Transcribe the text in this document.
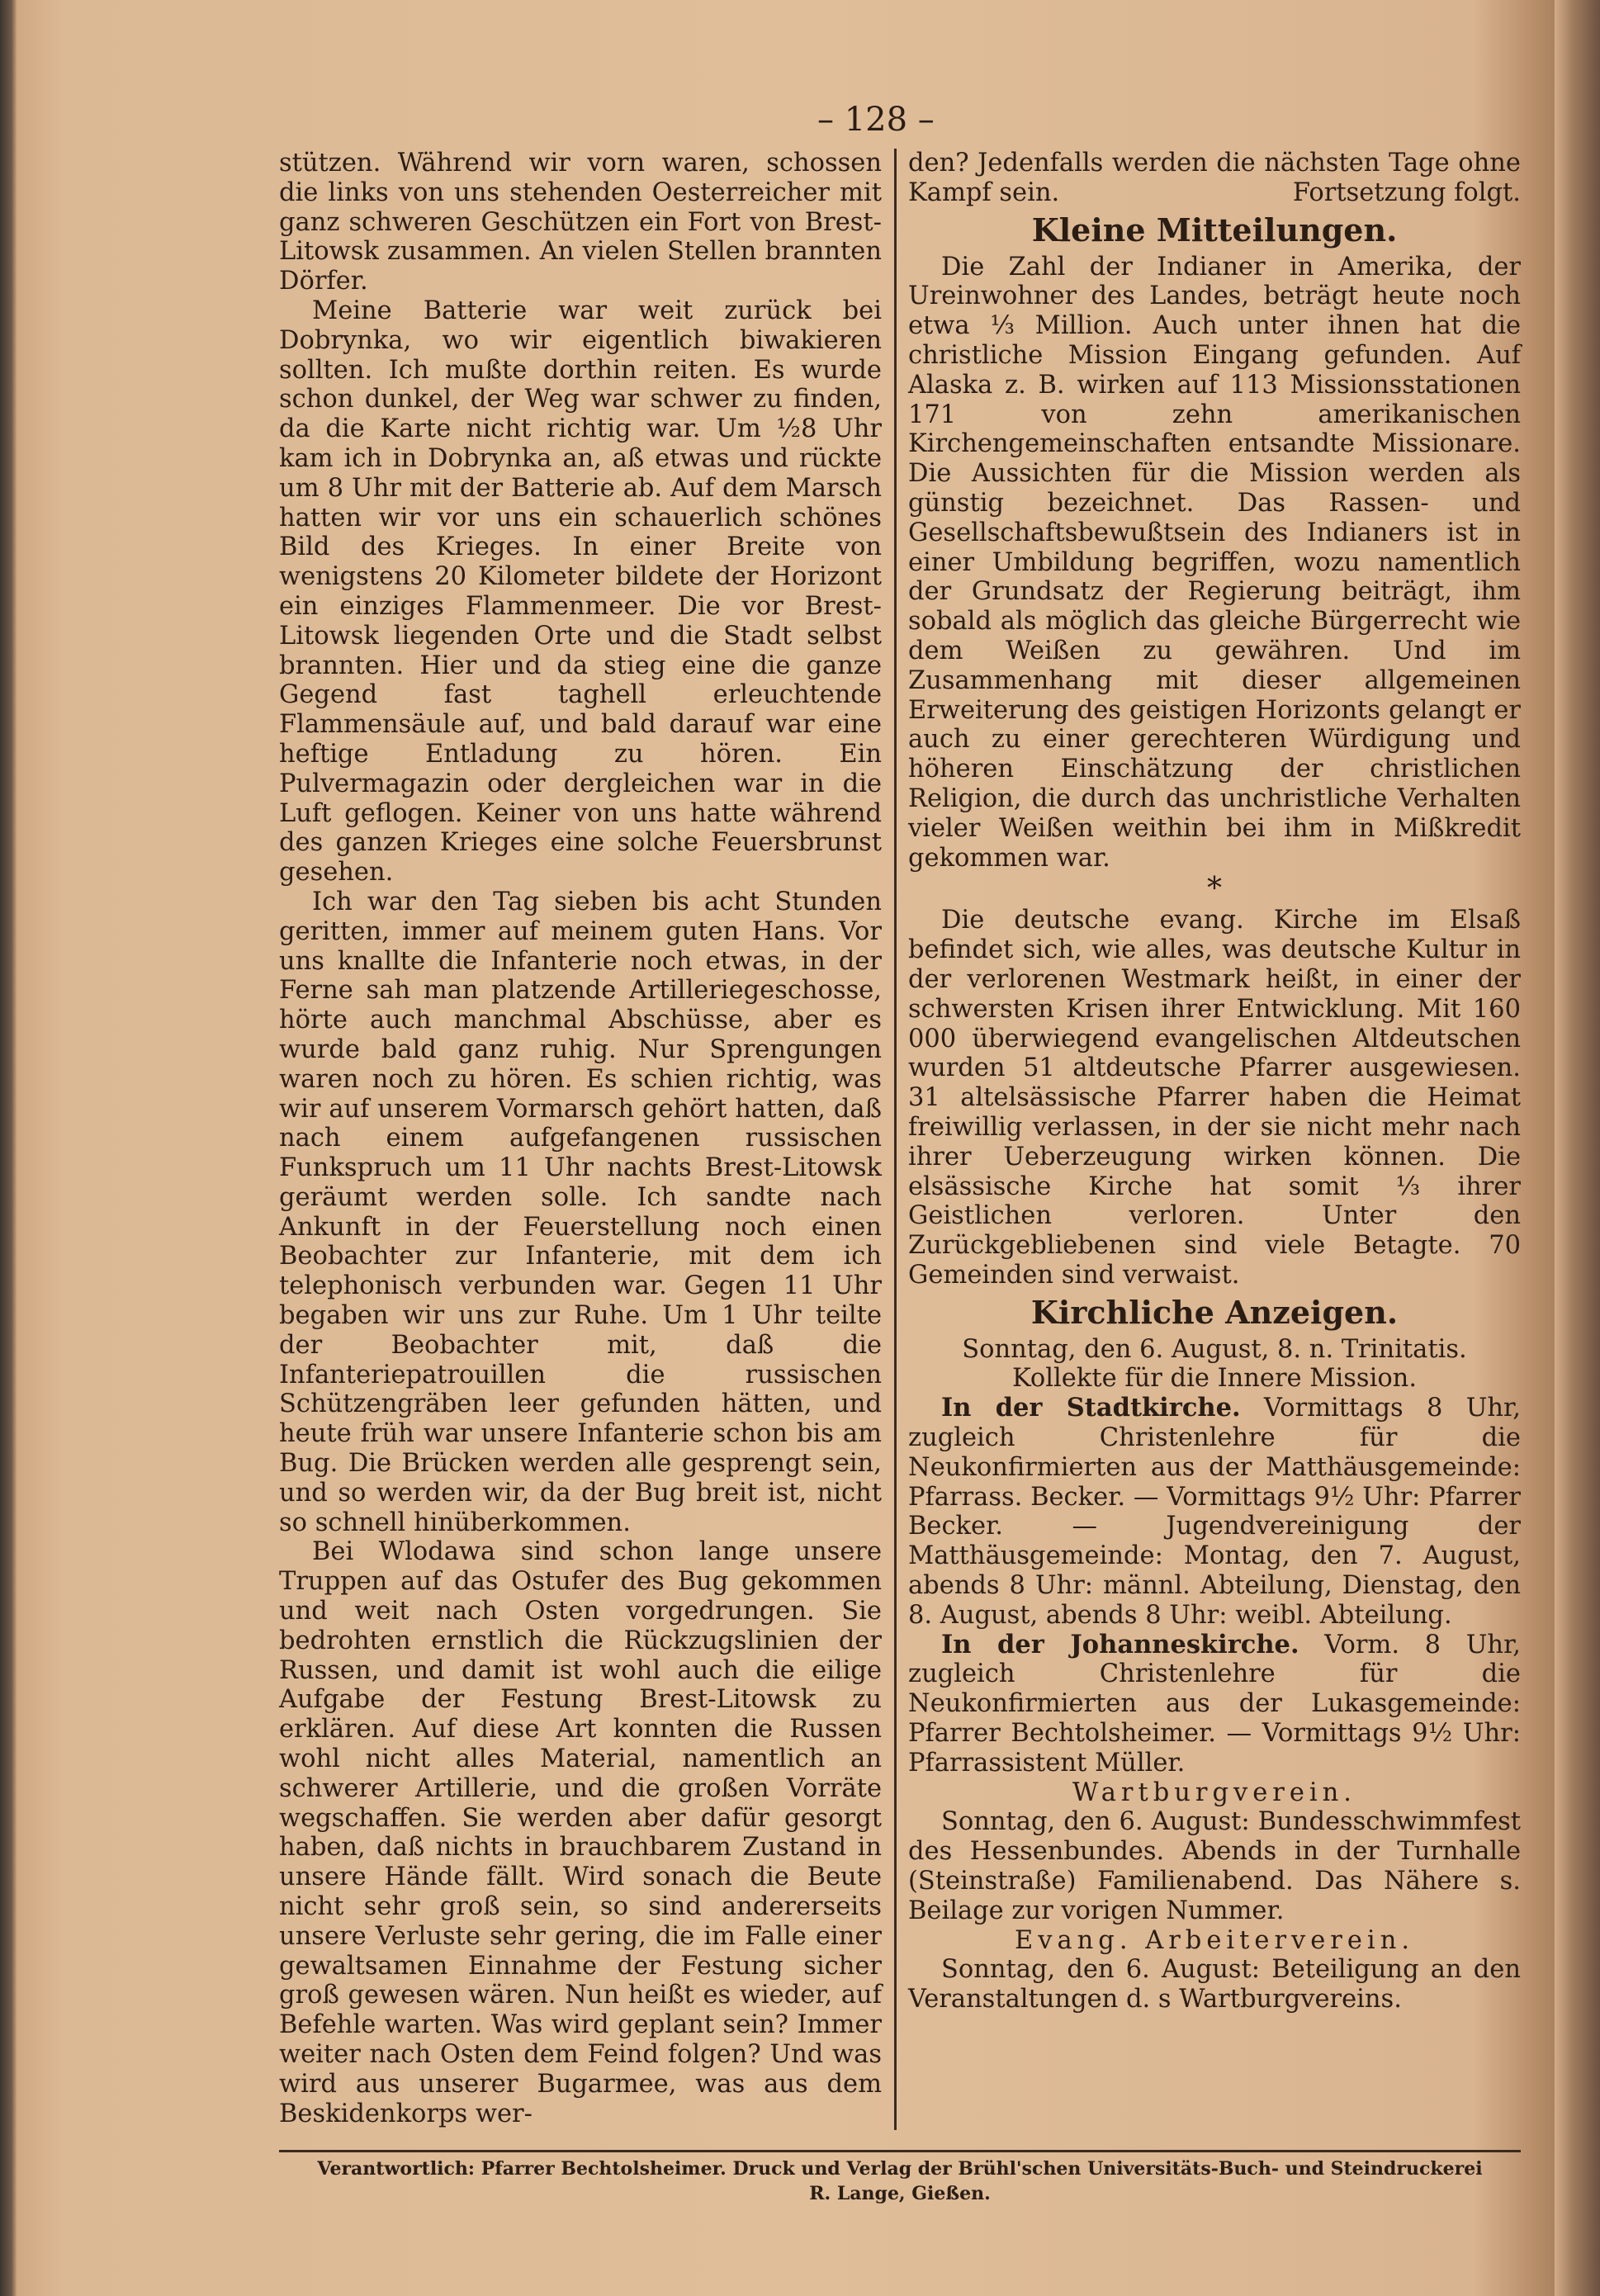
– 128 –

stützen. Während wir vorn waren, schossen die links von uns stehenden Oesterreicher mit ganz schweren Geschützen ein Fort von Brest-Litowsk zusammen. An vielen Stellen brannten Dörfer.

Meine Batterie war weit zurück bei Dobrynka, wo wir eigentlich biwakieren sollten. Ich mußte dorthin reiten. Es wurde schon dunkel, der Weg war schwer zu finden, da die Karte nicht richtig war. Um ½8 Uhr kam ich in Dobrynka an, aß etwas und rückte um 8 Uhr mit der Batterie ab. Auf dem Marsch hatten wir vor uns ein schauerlich schönes Bild des Krieges. In einer Breite von wenigstens 20 Kilometer bildete der Horizont ein einziges Flammenmeer. Die vor Brest-Litowsk liegenden Orte und die Stadt selbst brannten. Hier und da stieg eine die ganze Gegend fast taghell erleuchtende Flammensäule auf, und bald darauf war eine heftige Entladung zu hören. Ein Pulvermagazin oder dergleichen war in die Luft geflogen. Keiner von uns hatte während des ganzen Krieges eine solche Feuersbrunst gesehen.

Ich war den Tag sieben bis acht Stunden geritten, immer auf meinem guten Hans. Vor uns knallte die Infanterie noch etwas, in der Ferne sah man platzende Artilleriegeschosse, hörte auch manchmal Abschüsse, aber es wurde bald ganz ruhig. Nur Sprengungen waren noch zu hören. Es schien richtig, was wir auf unserem Vormarsch gehört hatten, daß nach einem aufgefangenen russischen Funkspruch um 11 Uhr nachts Brest-Litowsk geräumt werden solle. Ich sandte nach Ankunft in der Feuerstellung noch einen Beobachter zur Infanterie, mit dem ich telephonisch verbunden war. Gegen 11 Uhr begaben wir uns zur Ruhe. Um 1 Uhr teilte der Beobachter mit, daß die Infanteriepatrouillen die russischen Schützengräben leer gefunden hätten, und heute früh war unsere Infanterie schon bis am Bug. Die Brücken werden alle gesprengt sein, und so werden wir, da der Bug breit ist, nicht so schnell hinüberkommen.

Bei Wlodawa sind schon lange unsere Truppen auf das Ostufer des Bug gekommen und weit nach Osten vorgedrungen. Sie bedrohten ernstlich die Rückzugslinien der Russen, und damit ist wohl auch die eilige Aufgabe der Festung Brest-Litowsk zu erklären. Auf diese Art konnten die Russen wohl nicht alles Material, namentlich an schwerer Artillerie, und die großen Vorräte wegschaffen. Sie werden aber dafür gesorgt haben, daß nichts in brauchbarem Zustand in unsere Hände fällt. Wird sonach die Beute nicht sehr groß sein, so sind andererseits unsere Verluste sehr gering, die im Falle einer gewaltsamen Einnahme der Festung sicher groß gewesen wären. Nun heißt es wieder, auf Befehle warten. Was wird geplant sein? Immer weiter nach Osten dem Feind folgen? Und was wird aus unserer Bugarmee, was aus dem Beskidenkorps wer-

den? Jedenfalls werden die nächsten Tage ohne Kampf sein.	Fortsetzung folgt.

Kleine Mitteilungen.

Die Zahl der Indianer in Amerika, der Ureinwohner des Landes, beträgt heute noch etwa ⅓ Million. Auch unter ihnen hat die christliche Mission Eingang gefunden. Auf Alaska z. B. wirken auf 113 Missionsstationen 171 von zehn amerikanischen Kirchengemeinschaften entsandte Missionare. Die Aussichten für die Mission werden als günstig bezeichnet. Das Rassen- und Gesellschaftsbewußtsein des Indianers ist in einer Umbildung begriffen, wozu namentlich der Grundsatz der Regierung beiträgt, ihm sobald als möglich das gleiche Bürgerrecht wie dem Weißen zu gewähren. Und im Zusammenhang mit dieser allgemeinen Erweiterung des geistigen Horizonts gelangt er auch zu einer gerechteren Würdigung und höheren Einschätzung der christlichen Religion, die durch das unchristliche Verhalten vieler Weißen weithin bei ihm in Mißkredit gekommen war.

*

Die deutsche evang. Kirche im Elsaß befindet sich, wie alles, was deutsche Kultur in der verlorenen Westmark heißt, in einer der schwersten Krisen ihrer Entwicklung. Mit 160 000 überwiegend evangelischen Altdeutschen wurden 51 altdeutsche Pfarrer ausgewiesen. 31 altelsässische Pfarrer haben die Heimat freiwillig verlassen, in der sie nicht mehr nach ihrer Ueberzeugung wirken können. Die elsässische Kirche hat somit ⅓ ihrer Geistlichen verloren. Unter den Zurückgebliebenen sind viele Betagte. 70 Gemeinden sind verwaist.

Kirchliche Anzeigen.

Sonntag, den 6. August, 8. n. Trinitatis.

Kollekte für die Innere Mission.

In der Stadtkirche. Vormittags 8 Uhr, zugleich Christenlehre für die Neukonfirmierten aus der Matthäusgemeinde: Pfarrass. Becker. — Vormittags 9½ Uhr: Pfarrer Becker. — Jugendvereinigung der Matthäusgemeinde: Montag, den 7. August, abends 8 Uhr: männl. Abteilung, Dienstag, den 8. August, abends 8 Uhr: weibl. Abteilung.

In der Johanneskirche. Vorm. 8 Uhr, zugleich Christenlehre für die Neukonfirmierten aus der Lukasgemeinde: Pfarrer Bechtolsheimer. — Vormittags 9½ Uhr: Pfarrassistent Müller.

Wartburgverein.

Sonntag, den 6. August: Bundesschwimmfest des Hessenbundes. Abends in der Turnhalle (Steinstraße) Familienabend. Das Nähere s. Beilage zur vorigen Nummer.

Evang. Arbeiterverein.

Sonntag, den 6. August: Beteiligung an den Veranstaltungen d. s Wartburgvereins.

Verantwortlich: Pfarrer Bechtolsheimer. Druck und Verlag der Brühl'schen Universitäts-Buch- und Steindruckerei
R. Lange, Gießen.
